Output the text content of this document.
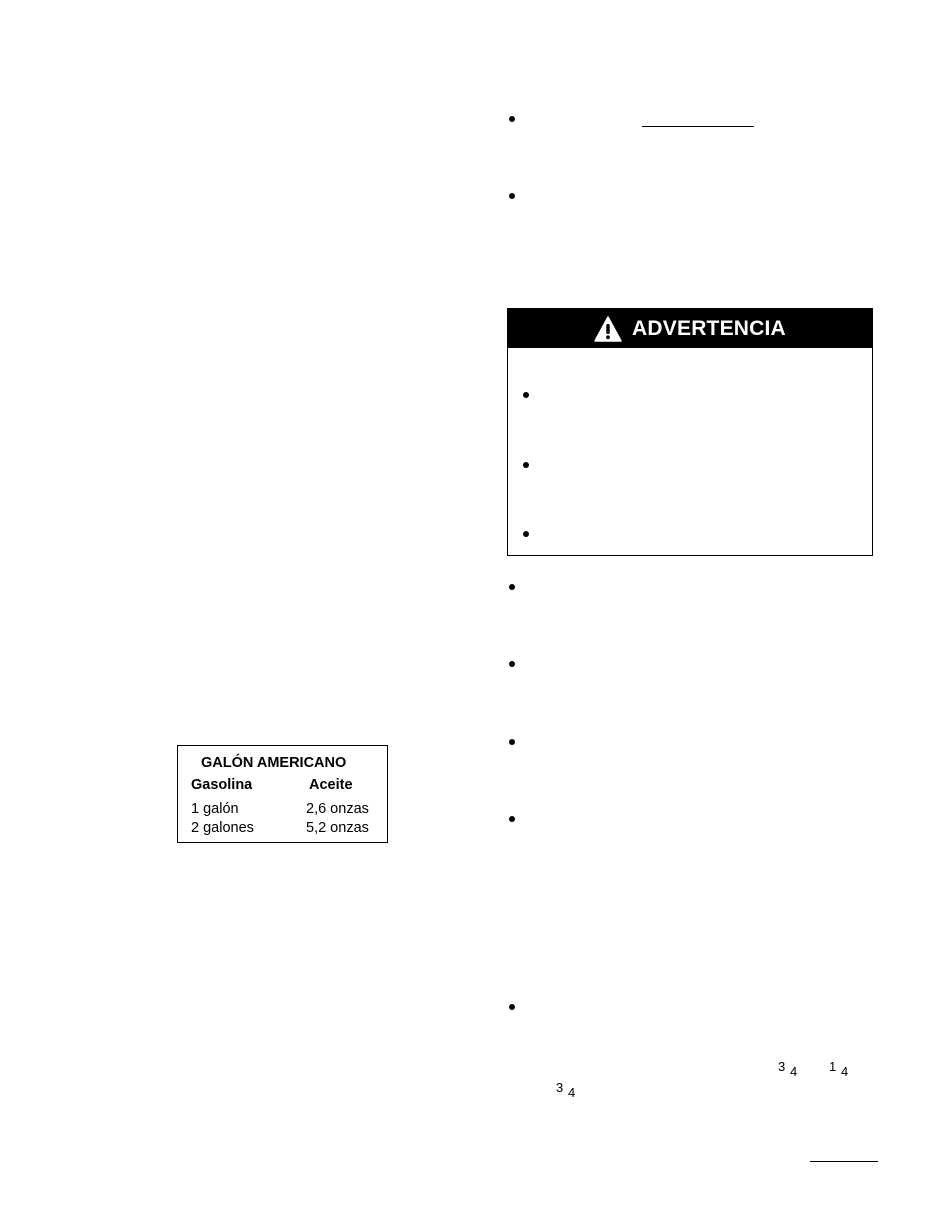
ADVERTENCIA
3 4 1 4
3 4
GALÓN AMERICANO
Gasolina	Aceite
1 galón	2,6 onzas
2 galones	5,2 onzas
